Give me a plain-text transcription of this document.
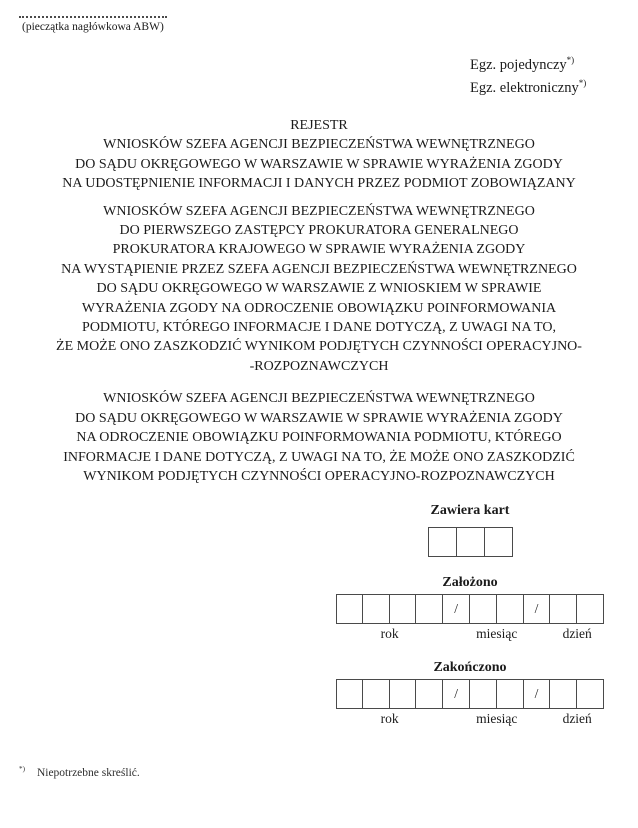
(pieczątka nagłówkowa ABW)
Egz. pojedynczy*)
Egz. elektroniczny*)
REJESTR
WNIOSKÓW SZEFA AGENCJI BEZPIECZEŃSTWA WEWNĘTRZNEGO
DO SĄDU OKRĘGOWEGO W WARSZAWIE W SPRAWIE WYRAŻENIA ZGODY
NA UDOSTĘPNIENIE INFORMACJI I DANYCH PRZEZ PODMIOT ZOBOWIĄZANY
WNIOSKÓW SZEFA AGENCJI BEZPIECZEŃSTWA WEWNĘTRZNEGO
DO PIERWSZEGO ZASTĘPCY PROKURATORA GENERALNEGO
PROKURATORA KRAJOWEGO W SPRAWIE WYRAŻENIA ZGODY
NA WYSTĄPIENIE PRZEZ SZEFA AGENCJI BEZPIECZEŃSTWA WEWNĘTRZNEGO
DO SĄDU OKRĘGOWEGO W WARSZAWIE Z WNIOSKIEM W SPRAWIE
WYRAŻENIA ZGODY NA ODROCZENIE OBOWIĄZKU POINFORMOWANIA
PODMIOTU, KTÓREGO INFORMACJE I DANE DOTYCZĄ, Z UWAGI NA TO,
ŻE MOŻE ONO ZASZKODZIĆ WYNIKOM PODJĘTYCH CZYNNOŚCI OPERACYJNO-
-ROZPOZNAWCZYCH
WNIOSKÓW SZEFA AGENCJI BEZPIECZEŃSTWA WEWNĘTRZNEGO
DO SĄDU OKRĘGOWEGO W WARSZAWIE W SPRAWIE WYRAŻENIA ZGODY
NA ODROCZENIE OBOWIĄZKU POINFORMOWANIA PODMIOTU, KTÓREGO
INFORMACJE I DANE DOTYCZĄ, Z UWAGI NA TO, ŻE MOŻE ONO ZASZKODZIĆ
WYNIKOM PODJĘTYCH CZYNNOŚCI OPERACYJNO-ROZPOZNAWCZYCH
Zawiera kart
Założono
/	/
rok	miesiąc	dzień
Zakończono
/	/
rok	miesiąc	dzień
*) Niepotrzebne skreślić.
